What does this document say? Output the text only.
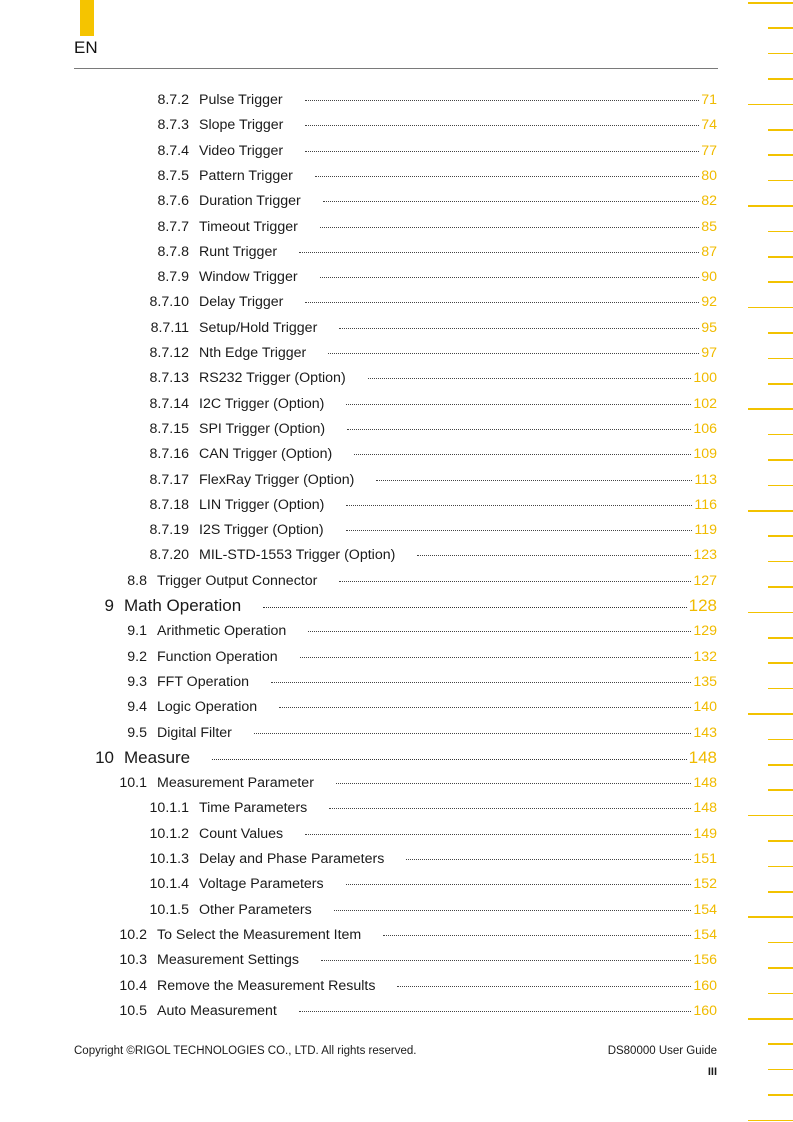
EN
8.7.2 Pulse Trigger	71
8.7.3 Slope Trigger	74
8.7.4 Video Trigger	77
8.7.5 Pattern Trigger	80
8.7.6 Duration Trigger	82
8.7.7 Timeout Trigger	85
8.7.8 Runt Trigger	87
8.7.9 Window Trigger	90
8.7.10 Delay Trigger	92
8.7.11 Setup/Hold Trigger	95
8.7.12 Nth Edge Trigger	97
8.7.13 RS232 Trigger (Option)	100
8.7.14 I2C Trigger (Option)	102
8.7.15 SPI Trigger (Option)	106
8.7.16 CAN Trigger (Option)	109
8.7.17 FlexRay Trigger (Option)	113
8.7.18 LIN Trigger (Option)	116
8.7.19 I2S Trigger (Option)	119
8.7.20 MIL-STD-1553 Trigger (Option)	123
8.8 Trigger Output Connector	127
9 Math Operation	128
9.1 Arithmetic Operation	129
9.2 Function Operation	132
9.3 FFT Operation	135
9.4 Logic Operation	140
9.5 Digital Filter	143
10 Measure	148
10.1 Measurement Parameter	148
10.1.1 Time Parameters	148
10.1.2 Count Values	149
10.1.3 Delay and Phase Parameters	151
10.1.4 Voltage Parameters	152
10.1.5 Other Parameters	154
10.2 To Select the Measurement Item	154
10.3 Measurement Settings	156
10.4 Remove the Measurement Results	160
10.5 Auto Measurement	160
Copyright ©RIGOL TECHNOLOGIES CO., LTD. All rights reserved.	DS80000 User Guide
III
